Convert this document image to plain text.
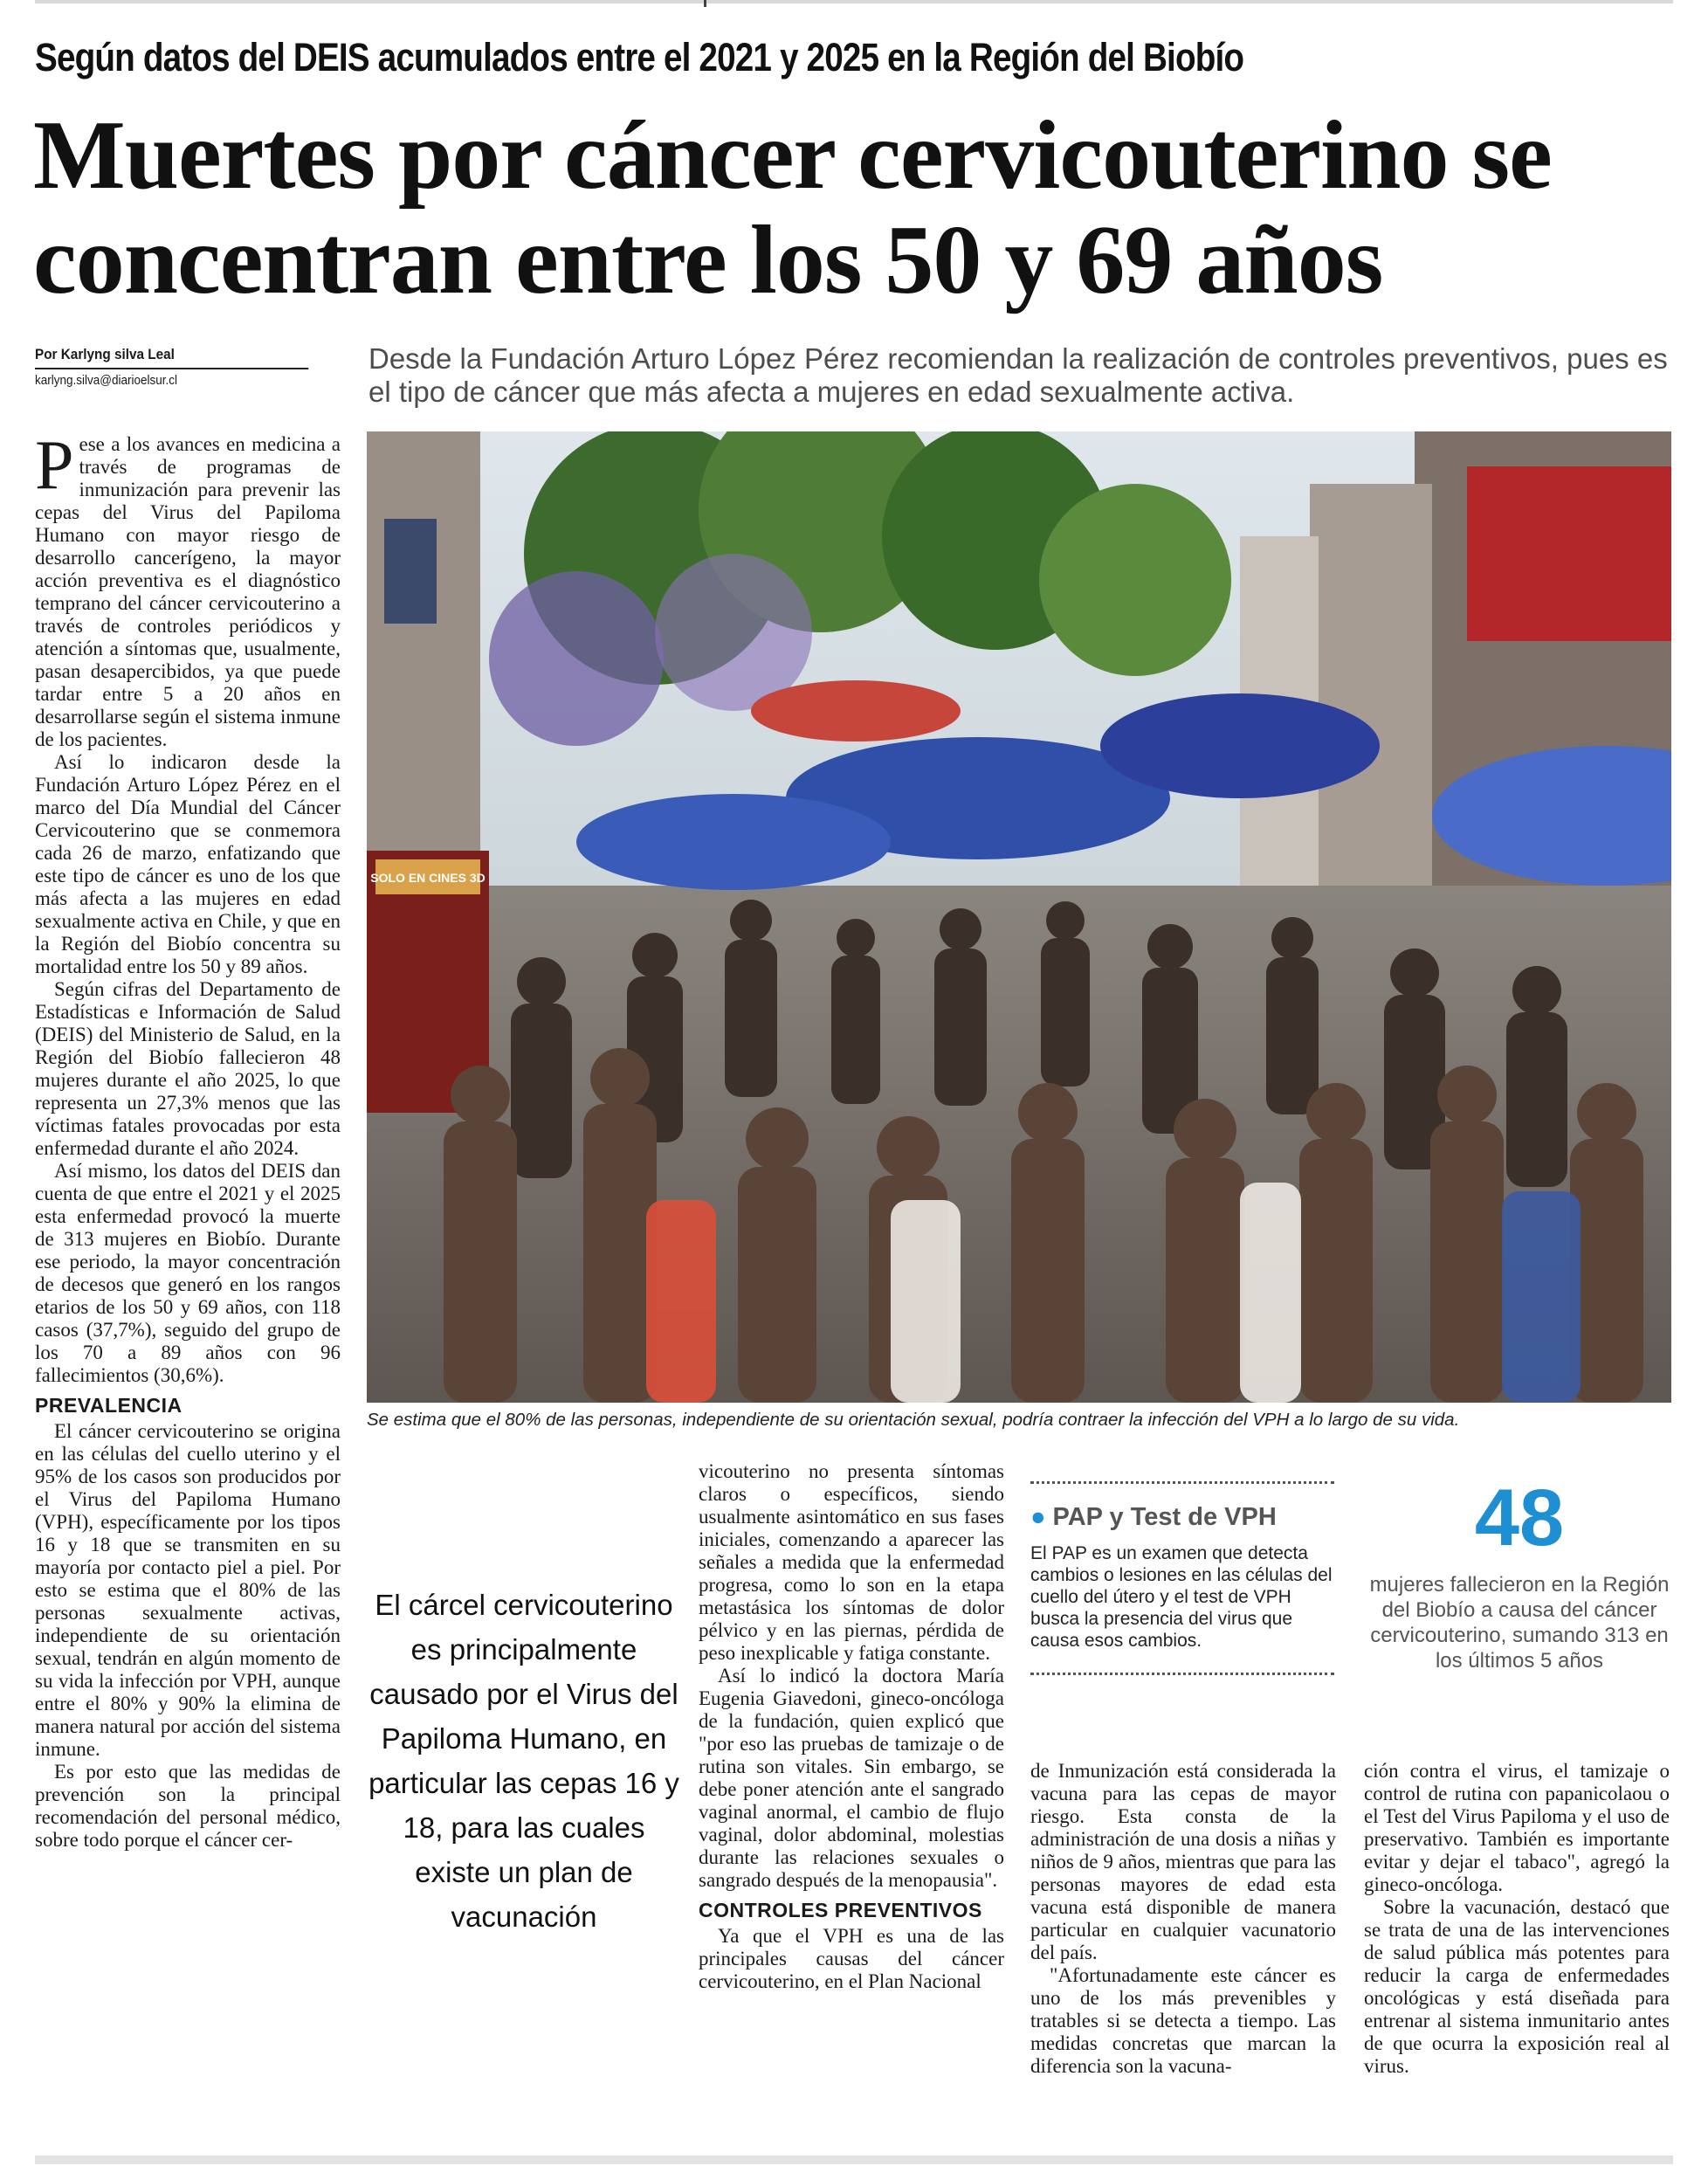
Según datos del DEIS acumulados entre el 2021 y 2025 en la Región del Biobío
Muertes por cáncer cervicouterino se
concentran entre los 50 y 69 años
Por Karlyng silva Leal
karlyng.silva@diarioelsur.cl
Desde la Fundación Arturo López Pérez recomiendan la realización de controles preventivos, pues es el tipo de cáncer que más afecta a mujeres en edad sexualmente activa.

Pese a los avances en medicina a través de programas de inmunización para prevenir las cepas del Virus del Papiloma Humano con mayor riesgo de desarrollo cancerígeno, la mayor acción preventiva es el diagnóstico temprano del cáncer cervicouterino a través de controles periódicos y atención a síntomas que, usualmente, pasan desapercibidos, ya que puede tardar entre 5 a 20 años en desarrollarse según el sistema inmune de los pacientes.

Así lo indicaron desde la Fundación Arturo López Pérez en el marco del Día Mundial del Cáncer Cervicouterino que se conmemora cada 26 de marzo, enfatizando que este tipo de cáncer es uno de los que más afecta a las mujeres en edad sexualmente activa en Chile, y que en la Región del Biobío concentra su mortalidad entre los 50 y 89 años.

Según cifras del Departamento de Estadísticas e Información de Salud (DEIS) del Ministerio de Salud, en la Región del Biobío fallecieron 48 mujeres durante el año 2025, lo que representa un 27,3% menos que las víctimas fatales provocadas por esta enfermedad durante el año 2024.

Así mismo, los datos del DEIS dan cuenta de que entre el 2021 y el 2025 esta enfermedad provocó la muerte de 313 mujeres en Biobío. Durante ese periodo, la mayor concentración de decesos que generó en los rangos etarios de los 50 y 69 años, con 118 casos (37,7%), seguido del grupo de los 70 a 89 años con 96 fallecimientos (30,6%).

PREVALENCIA

El cáncer cervicouterino se origina en las células del cuello uterino y el 95% de los casos son producidos por el Virus del Papiloma Humano (VPH), específicamente por los tipos 16 y 18 que se transmiten en su mayoría por contacto piel a piel. Por esto se estima que el 80% de las personas sexualmente activas, independiente de su orientación sexual, tendrán en algún momento de su vida la infección por VPH, aunque entre el 80% y 90% la elimina de manera natural por acción del sistema inmune.

Es por esto que las medidas de prevención son la principal recomendación del personal médico, sobre todo porque el cáncer cer-

SOLO EN CINES 3D
Se estima que el 80% de las personas, independiente de su orientación sexual, podría contraer la infección del VPH a lo largo de su vida.
El cárcel cervicouterino es principalmente causado por el Virus del Papiloma Humano, en particular las cepas 16 y 18, para las cuales existe un plan de vacunación

vicouterino no presenta síntomas claros o específicos, siendo usualmente asintomático en sus fases iniciales, comenzando a aparecer las señales a medida que la enfermedad progresa, como lo son en la etapa metastásica los síntomas de dolor pélvico y en las piernas, pérdida de peso inexplicable y fatiga constante.

Así lo indicó la doctora María Eugenia Giavedoni, gineco-oncóloga de la fundación, quien explicó que "por eso las pruebas de tamizaje o de rutina son vitales. Sin embargo, se debe poner atención ante el sangrado vaginal anormal, el cambio de flujo vaginal, dolor abdominal, molestias durante las relaciones sexuales o sangrado después de la menopausia".

CONTROLES PREVENTIVOS

Ya que el VPH es una de las principales causas del cáncer cervicouterino, en el Plan Nacional

● PAP y Test de VPH
El PAP es un examen que detecta cambios o lesiones en las células del cuello del útero y el test de VPH busca la presencia del virus que causa esos cambios.
48
mujeres fallecieron en la Región del Biobío a causa del cáncer cervicouterino, sumando 313 en los últimos 5 años

de Inmunización está considerada la vacuna para las cepas de mayor riesgo. Esta consta de la administración de una dosis a niñas y niños de 9 años, mientras que para las personas mayores de edad esta vacuna está disponible de manera particular en cualquier vacunatorio del país.

"Afortunadamente este cáncer es uno de los más prevenibles y tratables si se detecta a tiempo. Las medidas concretas que marcan la diferencia son la vacuna-

ción contra el virus, el tamizaje o control de rutina con papanicolaou o el Test del Virus Papiloma y el uso de preservativo. También es importante evitar y dejar el tabaco", agregó la gineco-oncóloga.

Sobre la vacunación, destacó que se trata de una de las intervenciones de salud pública más potentes para reducir la carga de enfermedades oncológicas y está diseñada para entrenar al sistema inmunitario antes de que ocurra la exposición real al virus.
